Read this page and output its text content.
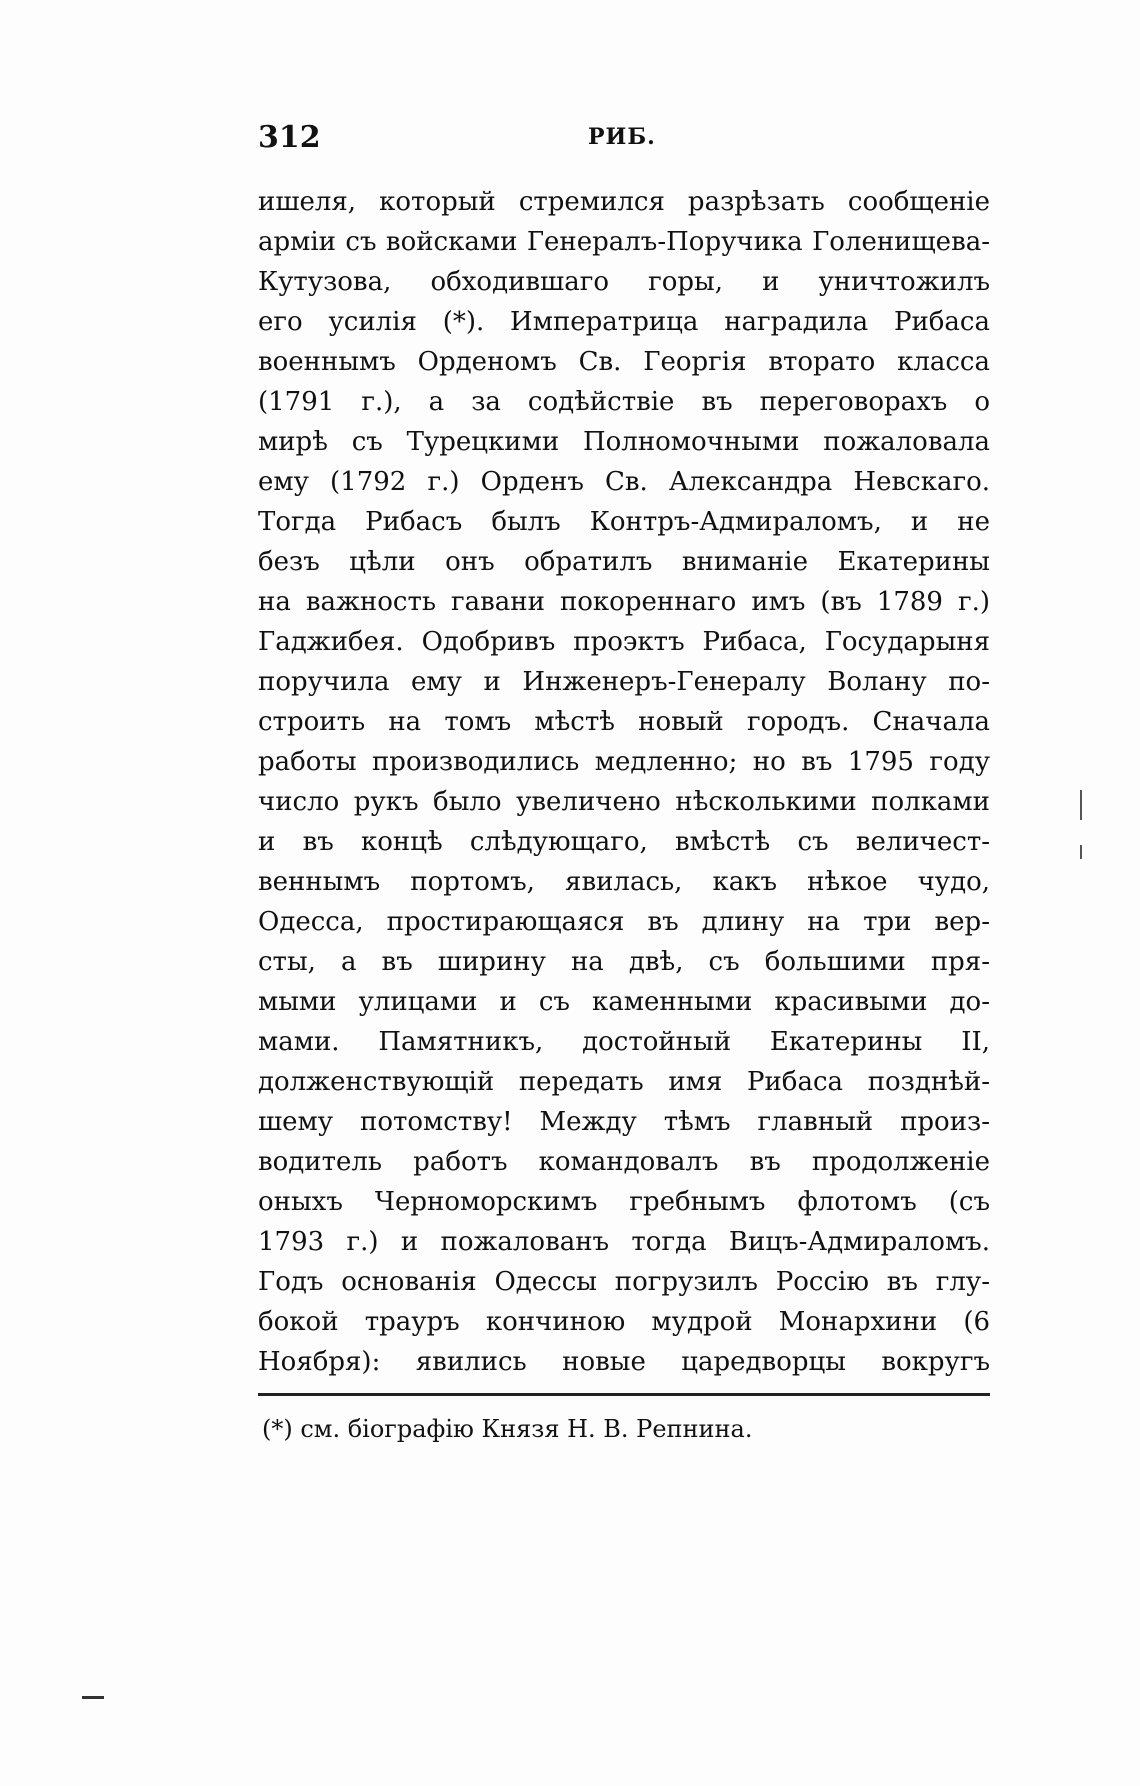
312	РИБ.
ишеля, который стремился разрѣзать сообщенiе
армiи съ войсками Генералъ-Поручика Голенищева-
Кутузова, обходившаго горы, и уничтожилъ
его усилiя (*). Императрица наградила Рибаса
военнымъ Орденомъ Св. Георгiя вторато класса
(1791 г.), а за содѣйствiе въ переговорахъ о
мирѣ съ Турецкими Полномочными пожаловала
ему (1792 г.) Орденъ Св. Александра Невскаго.
Тогда Рибасъ былъ Контръ-Адмираломъ, и не
безъ цѣли онъ обратилъ вниманiе Екатерины
на важность гавани покореннаго имъ (въ 1789 г.)
Гаджибея. Одобривъ проэктъ Рибаса, Государыня
поручила ему и Инженеръ-Генералу Волану по-
строить на томъ мѣстѣ новый городъ. Сначала
работы производились медленно; но въ 1795 году
число рукъ было увеличено нѣсколькими полками
и въ концѣ слѣдующаго, вмѣстѣ съ величест-
веннымъ портомъ, явилась, какъ нѣкое чудо,
Одесса, простирающаяся въ длину на три вер-
сты, а въ ширину на двѣ, съ большими пря-
мыми улицами и съ каменными красивыми до-
мами. Памятникъ, достойный Екатерины II,
долженствующiй передать имя Рибаса позднѣй-
шему потомству! Между тѣмъ главный произ-
водитель работъ командовалъ въ продолженiе
оныхъ Черноморскимъ гребнымъ флотомъ (съ
1793 г.) и пожалованъ тогда Вицъ-Адмираломъ.
Годъ основанiя Одессы погрузилъ Россiю въ глу-
бокой трауръ кончиною мудрой Монархини (6
Ноября): явились новые царедворцы вокругъ
(*) см. бiографiю Князя Н. В. Репнина.
